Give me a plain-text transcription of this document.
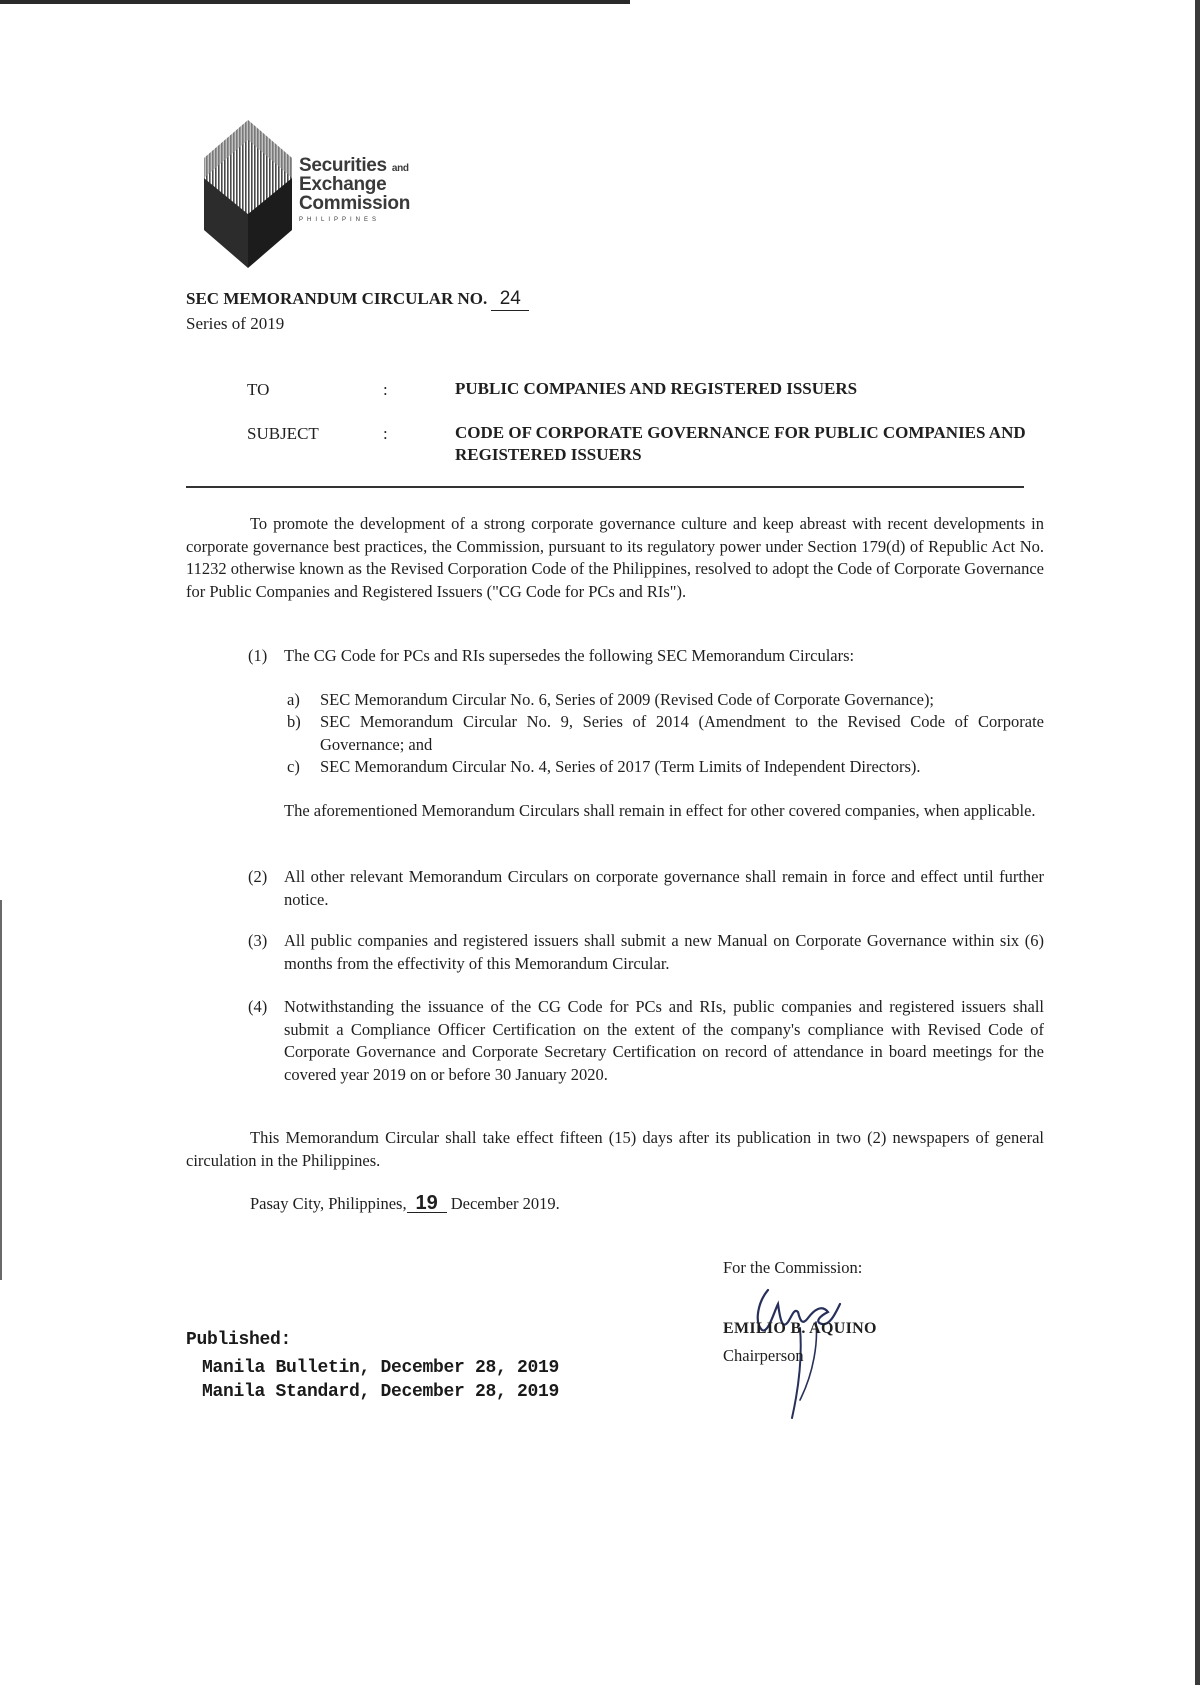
Securities and
Exchange
Commission
PHILIPPINES
SEC MEMORANDUM CIRCULAR NO. 24
Series of 2019
TO	:	PUBLIC COMPANIES AND REGISTERED ISSUERS
SUBJECT	:	CODE OF CORPORATE GOVERNANCE FOR PUBLIC COMPANIES AND REGISTERED ISSUERS
To promote the development of a strong corporate governance culture and keep abreast with recent developments in corporate governance best practices, the Commission, pursuant to its regulatory power under Section 179(d) of Republic Act No. 11232 otherwise known as the Revised Corporation Code of the Philippines, resolved to adopt the Code of Corporate Governance for Public Companies and Registered Issuers ("CG Code for PCs and RIs").
(1) The CG Code for PCs and RIs supersedes the following SEC Memorandum Circulars:
a) SEC Memorandum Circular No. 6, Series of 2009 (Revised Code of Corporate Governance);
b) SEC Memorandum Circular No. 9, Series of 2014 (Amendment to the Revised Code of Corporate Governance; and
c) SEC Memorandum Circular No. 4, Series of 2017 (Term Limits of Independent Directors).
The aforementioned Memorandum Circulars shall remain in effect for other covered companies, when applicable.
(2) All other relevant Memorandum Circulars on corporate governance shall remain in force and effect until further notice.
(3) All public companies and registered issuers shall submit a new Manual on Corporate Governance within six (6) months from the effectivity of this Memorandum Circular.
(4) Notwithstanding the issuance of the CG Code for PCs and RIs, public companies and registered issuers shall submit a Compliance Officer Certification on the extent of the company's compliance with Revised Code of Corporate Governance and Corporate Secretary Certification on record of attendance in board meetings for the covered year 2019 on or before 30 January 2020.
This Memorandum Circular shall take effect fifteen (15) days after its publication in two (2) newspapers of general circulation in the Philippines.
Pasay City, Philippines, 19 December 2019.
For the Commission:
EMILIO B. AQUINO
Chairperson
Published:
Manila Bulletin, December 28, 2019
Manila Standard, December 28, 2019
